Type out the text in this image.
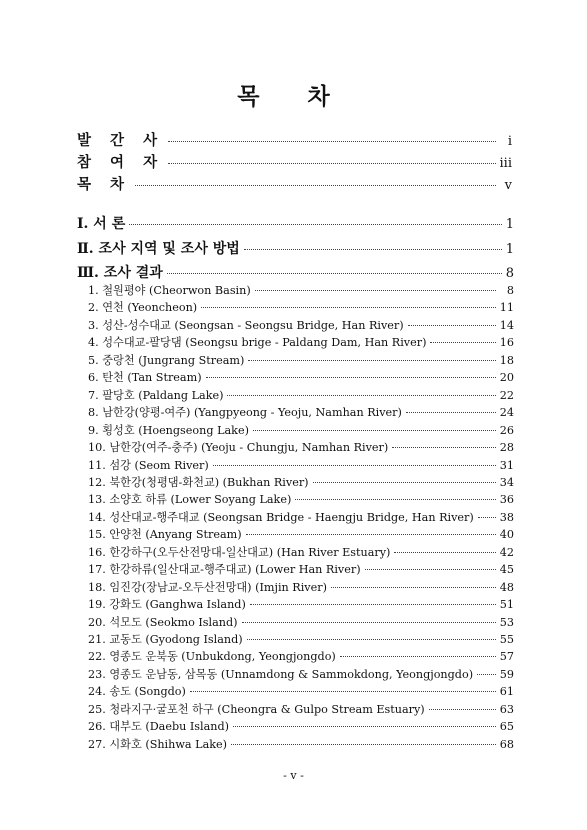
목 차
발 간 사	i
참 여 자	iii
목 차	v
Ⅰ. 서 론	1
Ⅱ. 조사 지역 및 조사 방법	1
Ⅲ. 조사 결과	8
1. 철원평야 (Cheorwon Basin)	8
2. 연천 (Yeoncheon)	11
3. 성산-성수대교 (Seongsan - Seongsu Bridge, Han River)	14
4. 성수대교-팔당댐 (Seongsu brige - Paldang Dam, Han River)	16
5. 중랑천 (Jungrang Stream)	18
6. 탄천 (Tan Stream)	20
7. 팔당호 (Paldang Lake)	22
8. 남한강(양평-여주) (Yangpyeong - Yeoju, Namhan River)	24
9. 횡성호 (Hoengseong Lake)	26
10. 남한강(여주-충주) (Yeoju - Chungju, Namhan River)	28
11. 섬강 (Seom River)	31
12. 북한강(청평댐-화천교) (Bukhan River)	34
13. 소양호 하류 (Lower Soyang Lake)	36
14. 성산대교-행주대교 (Seongsan Bridge - Haengju Bridge, Han River) 38
15. 안양천 (Anyang Stream)	40
16. 한강하구(오두산전망대-일산대교) (Han River Estuary)	42
17. 한강하류(일산대교-행주대교) (Lower Han River)	45
18. 임진강(장남교-오두산전망대) (Imjin River)	48
19. 강화도 (Ganghwa Island)	51
20. 석모도 (Seokmo Island)	53
21. 교동도 (Gyodong Island)	55
22. 영종도 운북동 (Unbukdong, Yeongjongdo)	57
23. 영종도 운남동, 삼목동 (Unnamdong & Sammokdong, Yeongjongdo) 59
24. 송도 (Songdo)	61
25. 청라지구·굴포천 하구 (Cheongra & Gulpo Stream Estuary)	63
26. 대부도 (Daebu Island)	65
27. 시화호 (Shihwa Lake)	68
- v -
